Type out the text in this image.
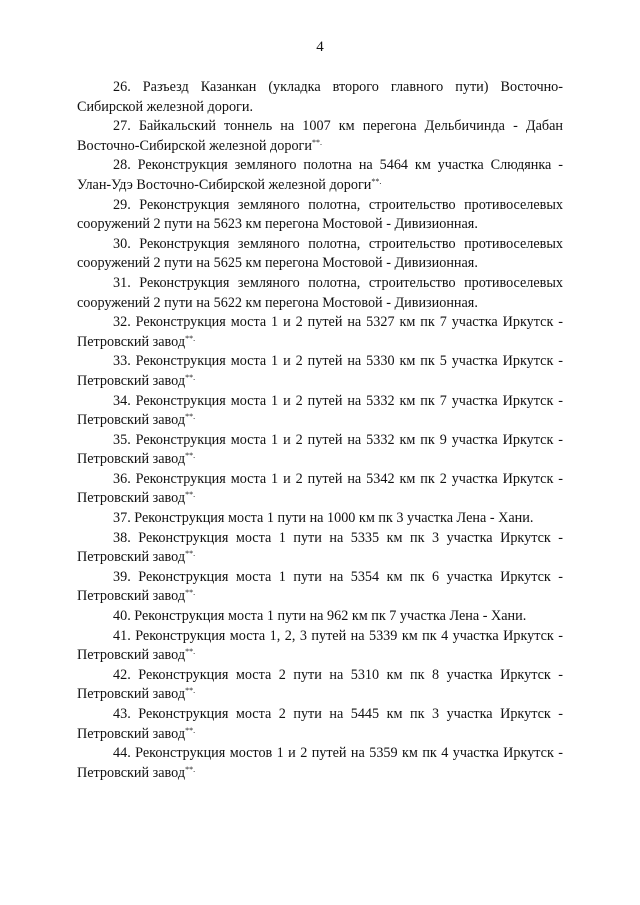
4

26. Разъезд Казанкан (укладка второго главного пути) Восточно-Сибирской железной дороги.

27. Байкальский тоннель на 1007 км перегона Дельбичинда - Дабан Восточно-Сибирской железной дороги**.

28. Реконструкция земляного полотна на 5464 км участка Слюдянка - Улан-Удэ Восточно-Сибирской железной дороги**.

29. Реконструкция земляного полотна, строительство противоселевых сооружений 2 пути на 5623 км перегона Мостовой - Дивизионная.

30. Реконструкция земляного полотна, строительство противоселевых сооружений 2 пути на 5625 км перегона Мостовой - Дивизионная.

31. Реконструкция земляного полотна, строительство противоселевых сооружений 2 пути на 5622 км перегона Мостовой - Дивизионная.

32. Реконструкция моста 1 и 2 путей на 5327 км пк 7 участка Иркутск - Петровский завод**.

33. Реконструкция моста 1 и 2 путей на 5330 км пк 5 участка Иркутск - Петровский завод**.

34. Реконструкция моста 1 и 2 путей на 5332 км пк 7 участка Иркутск - Петровский завод**.

35. Реконструкция моста 1 и 2 путей на 5332 км пк 9 участка Иркутск - Петровский завод**.

36. Реконструкция моста 1 и 2 путей на 5342 км пк 2 участка Иркутск - Петровский завод**.

37. Реконструкция моста 1 пути на 1000 км пк 3 участка Лена - Хани.

38. Реконструкция моста 1 пути на 5335 км пк 3 участка Иркутск - Петровский завод**.

39. Реконструкция моста 1 пути на 5354 км пк 6 участка Иркутск - Петровский завод**.

40. Реконструкция моста 1 пути на 962 км пк 7 участка Лена - Хани.

41. Реконструкция моста 1, 2, 3 путей на 5339 км пк 4 участка Иркутск - Петровский завод**.

42. Реконструкция моста 2 пути на 5310 км пк 8 участка Иркутск - Петровский завод**.

43. Реконструкция моста 2 пути на 5445 км пк 3 участка Иркутск - Петровский завод**.

44. Реконструкция мостов 1 и 2 путей на 5359 км пк 4 участка Иркутск - Петровский завод**.
